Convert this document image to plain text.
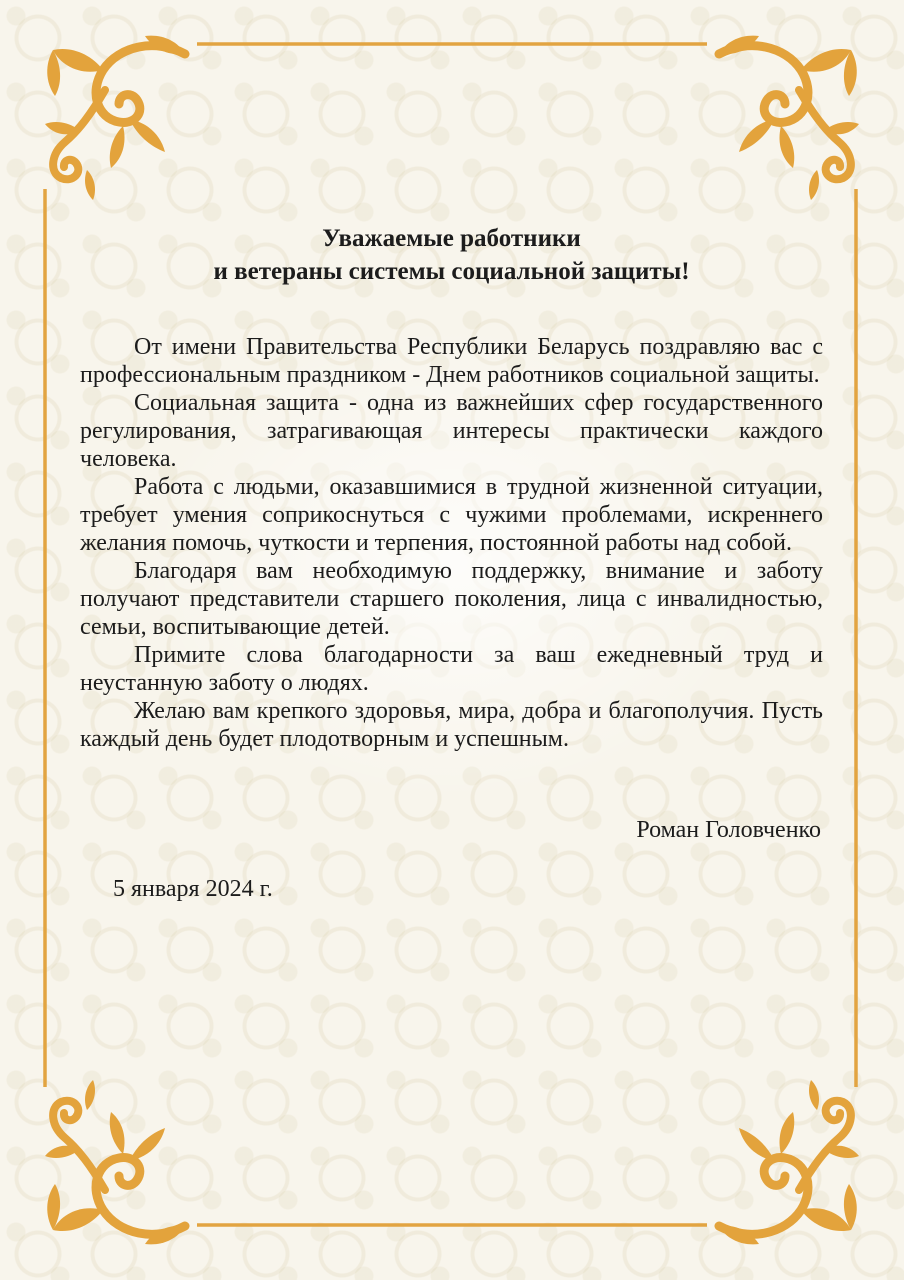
Уважаемые работники
и ветераны системы социальной защиты!

От имени Правительства Республики Беларусь поздравляю вас с профессиональным праздником - Днем работников социальной защиты.

Социальная защита - одна из важнейших сфер государственного регулирования, затрагивающая интересы практически каждого человека.

Работа с людьми, оказавшимися в трудной жизненной ситуации, требует умения соприкоснуться с чужими проблемами, искреннего желания помочь, чуткости и терпения, постоянной работы над собой.

Благодаря вам необходимую поддержку, внимание и заботу получают представители старшего поколения, лица с инвалидностью, семьи, воспитывающие детей.

Примите слова благодарности за ваш ежедневный труд и неустанную заботу о людях.

Желаю вам крепкого здоровья, мира, добра и благополучия. Пусть каждый день будет плодотворным и успешным.

Роман Головченко
5 января 2024 г.
